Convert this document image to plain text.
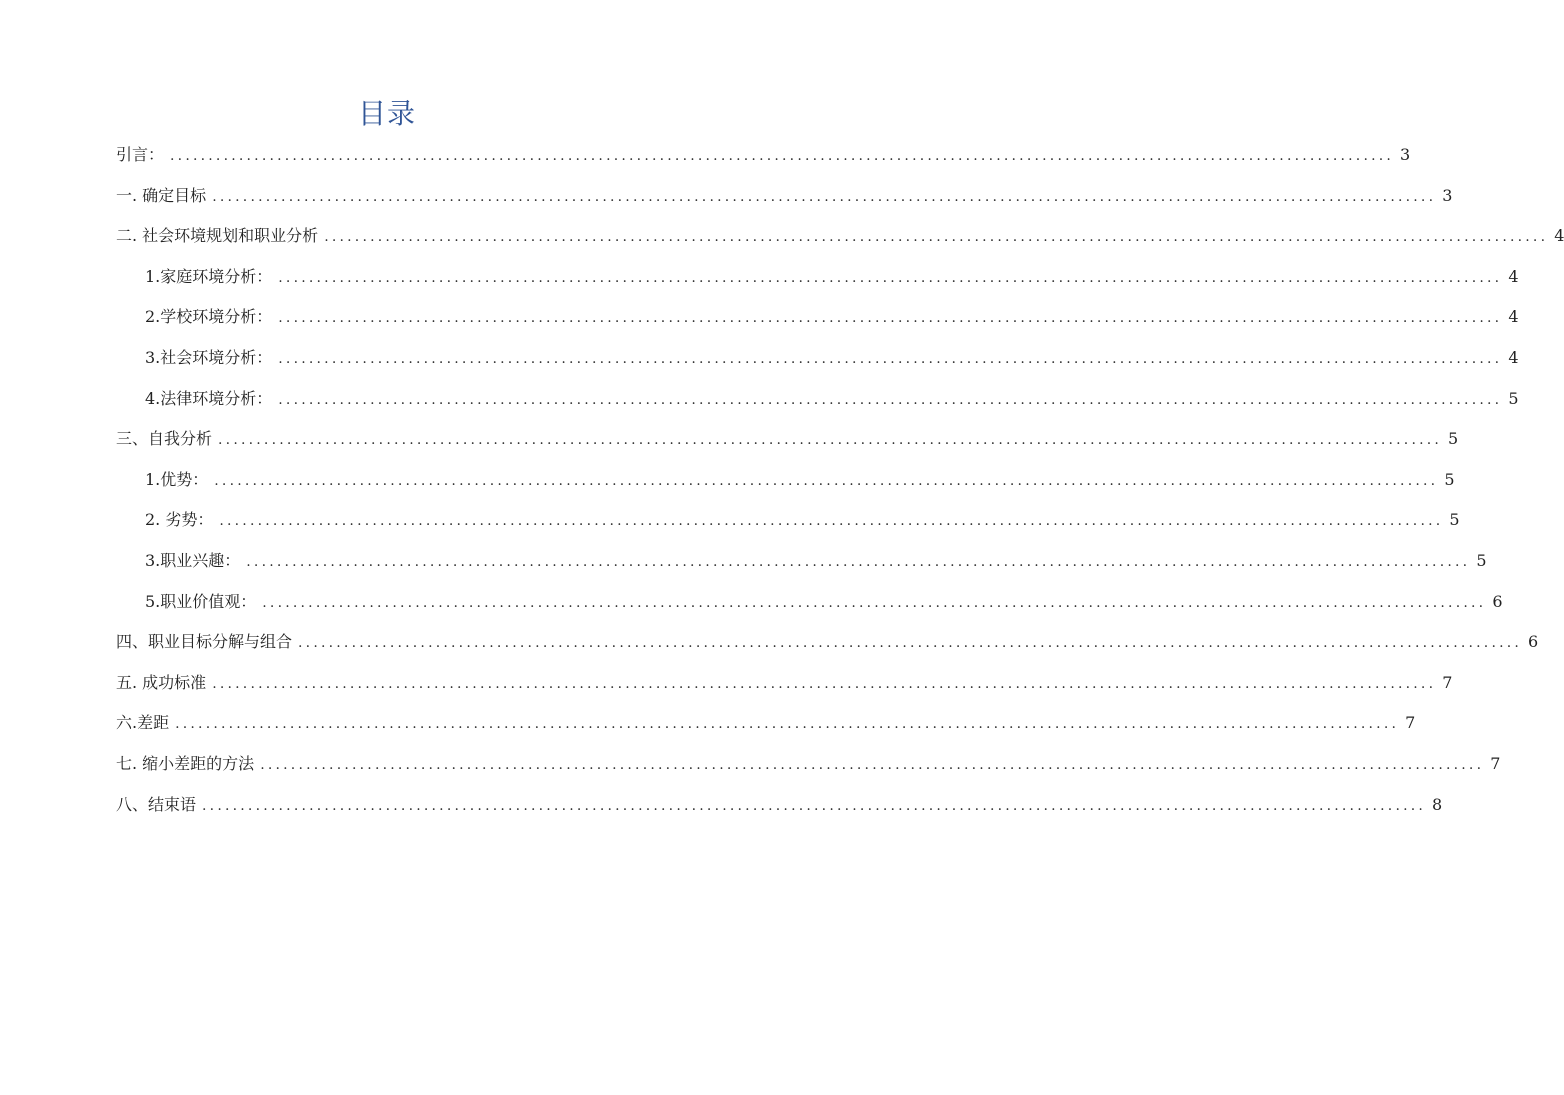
目录
引言： ................................................................................................................................................................ 3
一. 确定目标 ................................................................................................................................................................ 3
二. 社会环境规划和职业分析 ................................................................................................................................................................ 4
1.家庭环境分析： ................................................................................................................................................................ 4
2.学校环境分析： ................................................................................................................................................................ 4
3.社会环境分析： ................................................................................................................................................................ 4
4.法律环境分析： ................................................................................................................................................................ 5
三、自我分析 ................................................................................................................................................................ 5
1.优势： ................................................................................................................................................................ 5
2. 劣势： ................................................................................................................................................................ 5
3.职业兴趣： ................................................................................................................................................................ 5
5.职业价值观： ................................................................................................................................................................ 6
四、职业目标分解与组合 ................................................................................................................................................................ 6
五. 成功标准 ................................................................................................................................................................ 7
六.差距 ................................................................................................................................................................ 7
七. 缩小差距的方法 ................................................................................................................................................................ 7
八、结束语 ................................................................................................................................................................ 8
